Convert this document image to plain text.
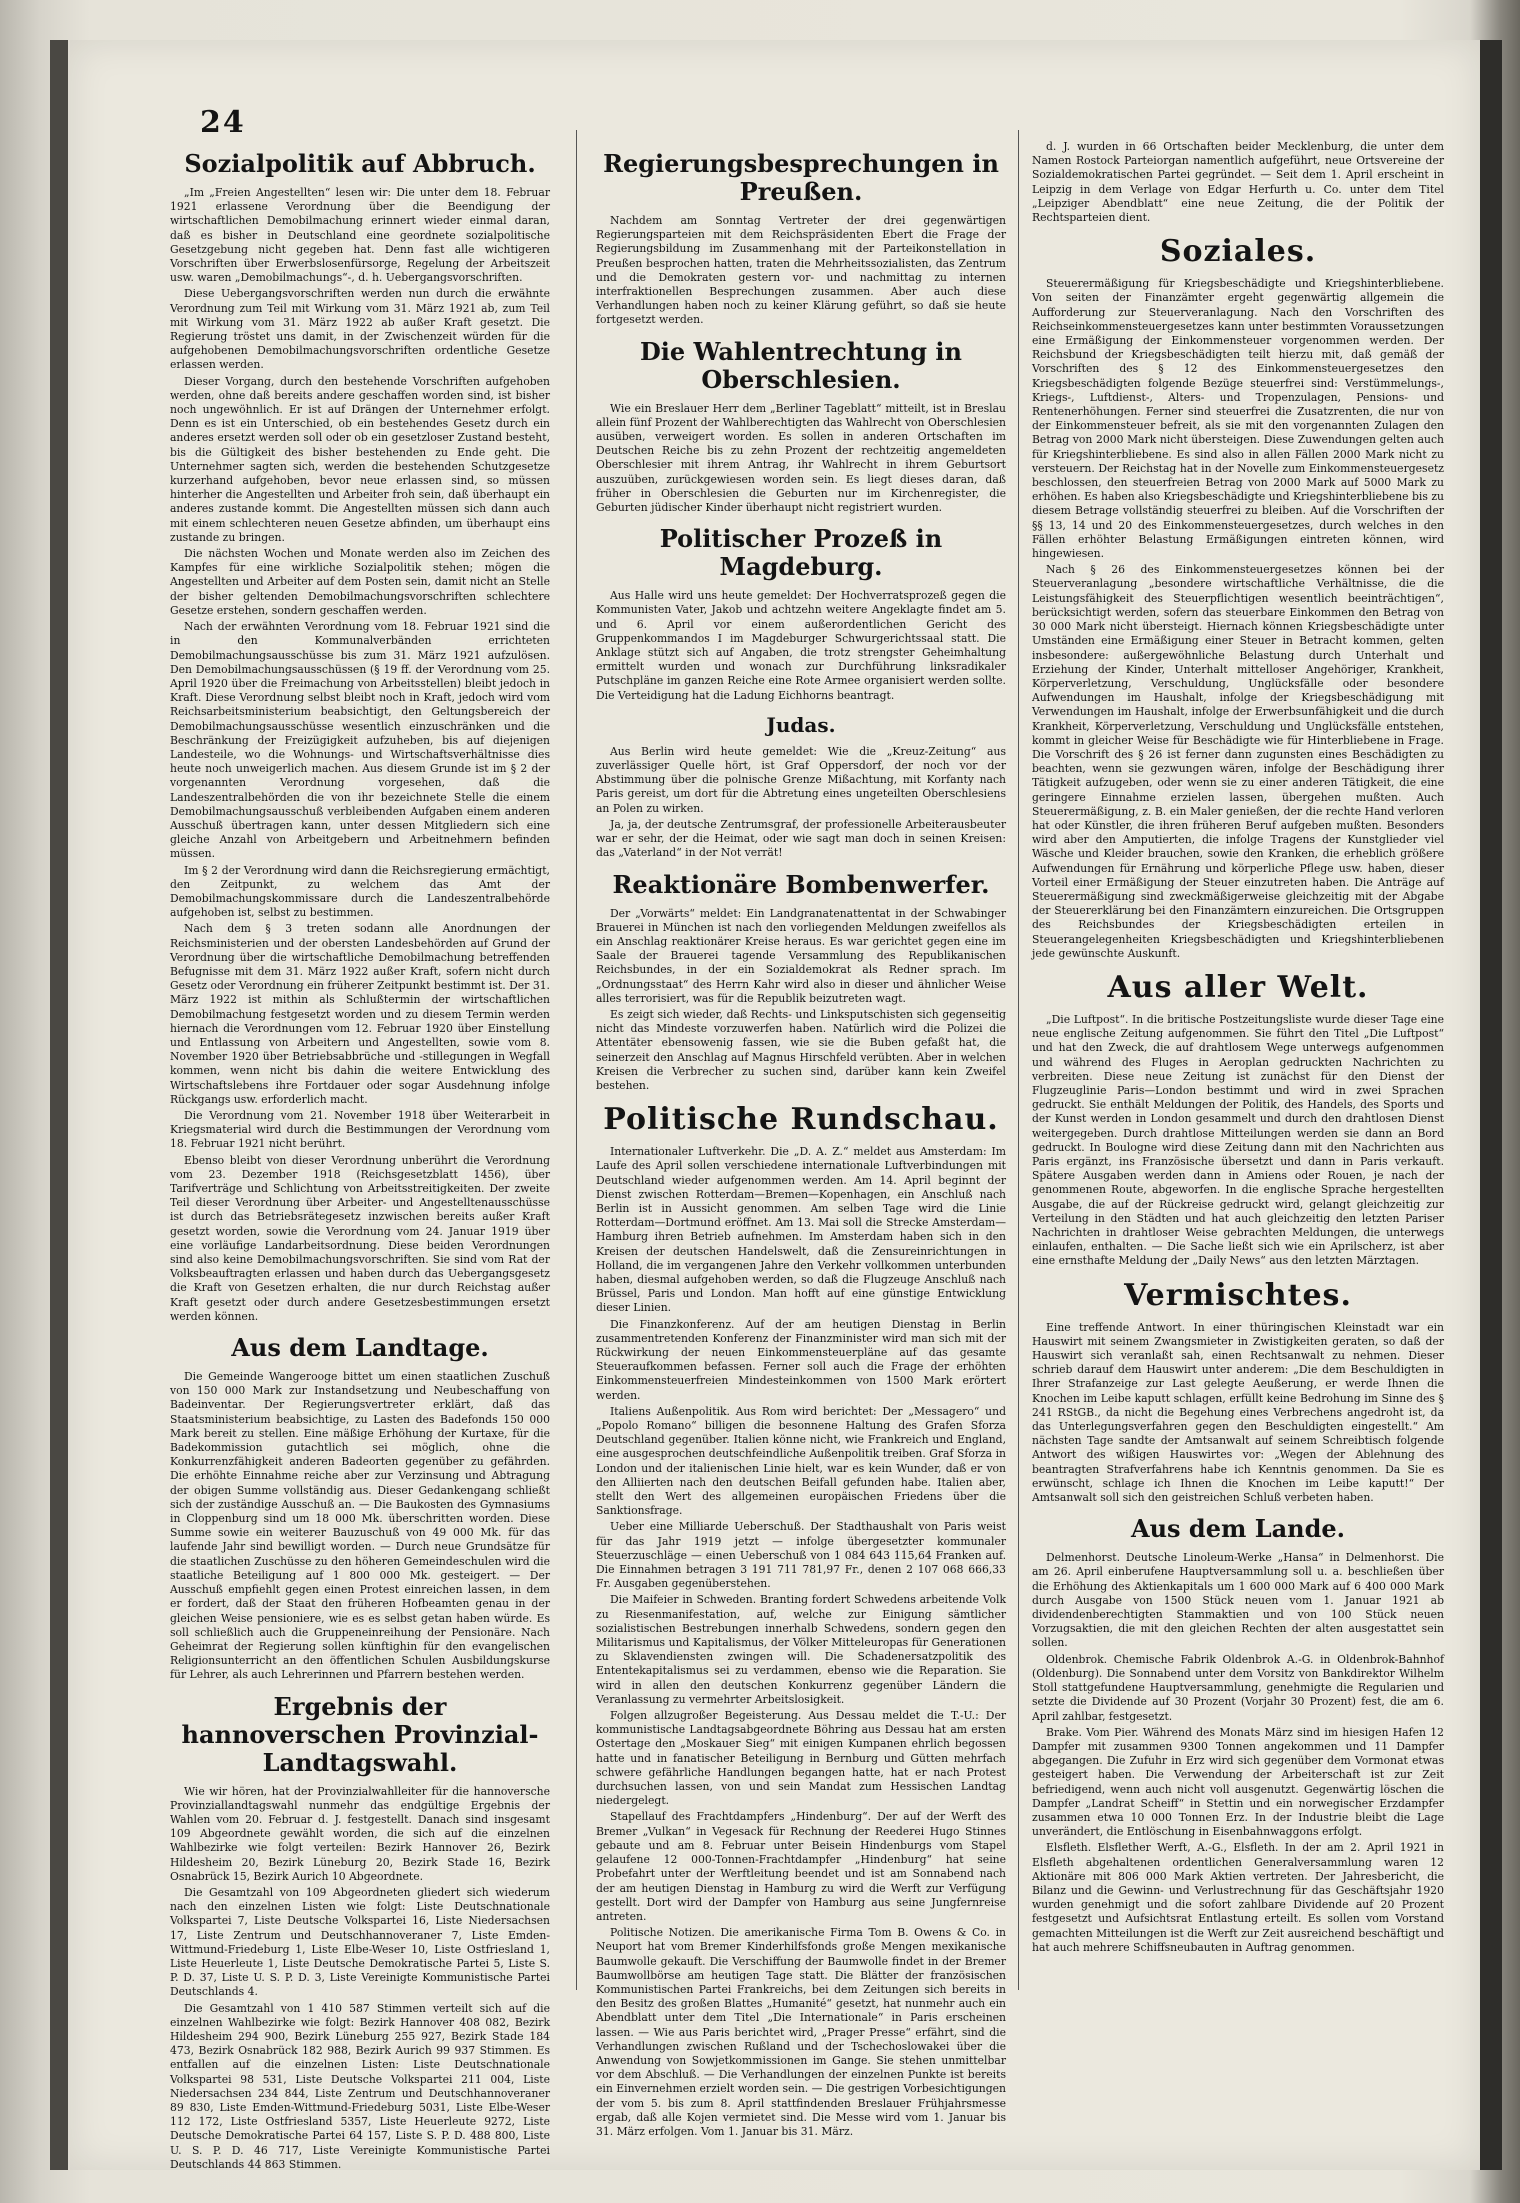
24
Sozialpolitik auf Abbruch.

„Im „Freien Angestellten“ lesen wir: Die unter dem 18. Februar 1921 erlassene Verordnung über die Beendigung der wirtschaftlichen Demobilmachung erinnert wieder einmal daran, daß es bisher in Deutschland eine geordnete sozialpolitische Gesetzgebung nicht gegeben hat. Denn fast alle wichtigeren Vorschriften über Erwerbslosenfürsorge, Regelung der Arbeitszeit usw. waren „Demobilmachungs“-, d. h. Uebergangsvorschriften.

Diese Uebergangsvorschriften werden nun durch die erwähnte Verordnung zum Teil mit Wirkung vom 31. März 1921 ab, zum Teil mit Wirkung vom 31. März 1922 ab außer Kraft gesetzt. Die Regierung tröstet uns damit, in der Zwischenzeit würden für die aufgehobenen Demobilmachungsvorschriften ordentliche Gesetze erlassen werden.

Dieser Vorgang, durch den bestehende Vorschriften aufgehoben werden, ohne daß bereits andere geschaffen worden sind, ist bisher noch ungewöhnlich. Er ist auf Drängen der Unternehmer erfolgt. Denn es ist ein Unterschied, ob ein bestehendes Gesetz durch ein anderes ersetzt werden soll oder ob ein gesetzloser Zustand besteht, bis die Gültigkeit des bisher bestehenden zu Ende geht. Die Unternehmer sagten sich, werden die bestehenden Schutzgesetze kurzerhand aufgehoben, bevor neue erlassen sind, so müssen hinterher die Angestellten und Arbeiter froh sein, daß überhaupt ein anderes zustande kommt. Die Angestellten müssen sich dann auch mit einem schlechteren neuen Gesetze abfinden, um überhaupt eins zustande zu bringen.

Die nächsten Wochen und Monate werden also im Zeichen des Kampfes für eine wirkliche Sozialpolitik stehen; mögen die Angestellten und Arbeiter auf dem Posten sein, damit nicht an Stelle der bisher geltenden Demobilmachungsvorschriften schlechtere Gesetze erstehen, sondern geschaffen werden.

Nach der erwähnten Verordnung vom 18. Februar 1921 sind die in den Kommunalverbänden errichteten Demobilmachungsausschüsse bis zum 31. März 1921 aufzulösen. Den Demobilmachungsausschüssen (§ 19 ff. der Verordnung vom 25. April 1920 über die Freimachung von Arbeitsstellen) bleibt jedoch in Kraft. Diese Verordnung selbst bleibt noch in Kraft, jedoch wird vom Reichsarbeitsministerium beabsichtigt, den Geltungsbereich der Demobilmachungsausschüsse wesentlich einzuschränken und die Beschränkung der Freizügigkeit aufzuheben, bis auf diejenigen Landesteile, wo die Wohnungs- und Wirtschaftsverhältnisse dies heute noch unweigerlich machen. Aus diesem Grunde ist im § 2 der vorgenannten Verordnung vorgesehen, daß die Landeszentralbehörden die von ihr bezeichnete Stelle die einem Demobilmachungsausschuß verbleibenden Aufgaben einem anderen Ausschuß übertragen kann, unter dessen Mitgliedern sich eine gleiche Anzahl von Arbeitgebern und Arbeitnehmern befinden müssen.

Im § 2 der Verordnung wird dann die Reichsregierung ermächtigt, den Zeitpunkt, zu welchem das Amt der Demobilmachungskommissare durch die Landeszentralbehörde aufgehoben ist, selbst zu bestimmen.

Nach dem § 3 treten sodann alle Anordnungen der Reichsministerien und der obersten Landesbehörden auf Grund der Verordnung über die wirtschaftliche Demobilmachung betreffenden Befugnisse mit dem 31. März 1922 außer Kraft, sofern nicht durch Gesetz oder Verordnung ein früherer Zeitpunkt bestimmt ist. Der 31. März 1922 ist mithin als Schlußtermin der wirtschaftlichen Demobilmachung festgesetzt worden und zu diesem Termin werden hiernach die Verordnungen vom 12. Februar 1920 über Einstellung und Entlassung von Arbeitern und Angestellten, sowie vom 8. November 1920 über Betriebsabbrüche und -stillegungen in Wegfall kommen, wenn nicht bis dahin die weitere Entwicklung des Wirtschaftslebens ihre Fortdauer oder sogar Ausdehnung infolge Rückgangs usw. erforderlich macht.

Die Verordnung vom 21. November 1918 über Weiterarbeit in Kriegsmaterial wird durch die Bestimmungen der Verordnung vom 18. Februar 1921 nicht berührt.

Ebenso bleibt von dieser Verordnung unberührt die Verordnung vom 23. Dezember 1918 (Reichsgesetzblatt 1456), über Tarifverträge und Schlichtung von Arbeitsstreitigkeiten. Der zweite Teil dieser Verordnung über Arbeiter- und Angestelltenausschüsse ist durch das Betriebsrätegesetz inzwischen bereits außer Kraft gesetzt worden, sowie die Verordnung vom 24. Januar 1919 über eine vorläufige Landarbeitsordnung. Diese beiden Verordnungen sind also keine Demobilmachungsvorschriften. Sie sind vom Rat der Volksbeauftragten erlassen und haben durch das Uebergangsgesetz die Kraft von Gesetzen erhalten, die nur durch Reichstag außer Kraft gesetzt oder durch andere Gesetzesbestimmungen ersetzt werden können.

Aus dem Landtage.

Die Gemeinde Wangerooge bittet um einen staatlichen Zuschuß von 150 000 Mark zur Instandsetzung und Neubeschaffung von Badeinventar. Der Regierungsvertreter erklärt, daß das Staatsministerium beabsichtige, zu Lasten des Badefonds 150 000 Mark bereit zu stellen. Eine mäßige Erhöhung der Kurtaxe, für die Badekommission gutachtlich sei möglich, ohne die Konkurrenzfähigkeit anderen Badeorten gegenüber zu gefährden. Die erhöhte Einnahme reiche aber zur Verzinsung und Abtragung der obigen Summe vollständig aus. Dieser Gedankengang schließt sich der zuständige Ausschuß an. — Die Baukosten des Gymnasiums in Cloppenburg sind um 18 000 Mk. überschritten worden. Diese Summe sowie ein weiterer Bauzuschuß von 49 000 Mk. für das laufende Jahr sind bewilligt worden. — Durch neue Grundsätze für die staatlichen Zuschüsse zu den höheren Gemeindeschulen wird die staatliche Beteiligung auf 1 800 000 Mk. gesteigert. — Der Ausschuß empfiehlt gegen einen Protest einreichen lassen, in dem er fordert, daß der Staat den früheren Hofbeamten genau in der gleichen Weise pensioniere, wie es es selbst getan haben würde. Es soll schließlich auch die Gruppeneinreihung der Pensionäre. Nach Geheimrat der Regierung sollen künftighin für den evangelischen Religionsunterricht an den öffentlichen Schulen Ausbildungskurse für Lehrer, als auch Lehrerinnen und Pfarrern bestehen werden.

Ergebnis der hannoverschen Provinzial-Landtagswahl.

Wie wir hören, hat der Provinzialwahlleiter für die hannoversche Provinziallandtagswahl nunmehr das endgültige Ergebnis der Wahlen vom 20. Februar d. J. festgestellt. Danach sind insgesamt 109 Abgeordnete gewählt worden, die sich auf die einzelnen Wahlbezirke wie folgt verteilen: Bezirk Hannover 26, Bezirk Hildesheim 20, Bezirk Lüneburg 20, Bezirk Stade 16, Bezirk Osnabrück 15, Bezirk Aurich 10 Abgeordnete.

Die Gesamtzahl von 109 Abgeordneten gliedert sich wiederum nach den einzelnen Listen wie folgt: Liste Deutschnationale Volkspartei 7, Liste Deutsche Volkspartei 16, Liste Niedersachsen 17, Liste Zentrum und Deutschhannoveraner 7, Liste Emden-Wittmund-Friedeburg 1, Liste Elbe-Weser 10, Liste Ostfriesland 1, Liste Heuerleute 1, Liste Deutsche Demokratische Partei 5, Liste S. P. D. 37, Liste U. S. P. D. 3, Liste Vereinigte Kommunistische Partei Deutschlands 4.

Die Gesamtzahl von 1 410 587 Stimmen verteilt sich auf die einzelnen Wahlbezirke wie folgt: Bezirk Hannover 408 082, Bezirk Hildesheim 294 900, Bezirk Lüneburg 255 927, Bezirk Stade 184 473, Bezirk Osnabrück 182 988, Bezirk Aurich 99 937 Stimmen. Es entfallen auf die einzelnen Listen: Liste Deutschnationale Volkspartei 98 531, Liste Deutsche Volkspartei 211 004, Liste Niedersachsen 234 844, Liste Zentrum und Deutschhannoveraner 89 830, Liste Emden-Wittmund-Friedeburg 5031, Liste Elbe-Weser 112 172, Liste Ostfriesland 5357, Liste Heuerleute 9272, Liste Deutsche Demokratische Partei 64 157, Liste S. P. D. 488 800, Liste U. S. P. D. 46 717, Liste Vereinigte Kommunistische Partei Deutschlands 44 863 Stimmen.

Regierungsbesprechungen in Preußen.

Nachdem am Sonntag Vertreter der drei gegenwärtigen Regierungsparteien mit dem Reichspräsidenten Ebert die Frage der Regierungsbildung im Zusammenhang mit der Parteikonstellation in Preußen besprochen hatten, traten die Mehrheitssozialisten, das Zentrum und die Demokraten gestern vor- und nachmittag zu internen interfraktionellen Besprechungen zusammen. Aber auch diese Verhandlungen haben noch zu keiner Klärung geführt, so daß sie heute fortgesetzt werden.

Die Wahlentrechtung in Oberschlesien.

Wie ein Breslauer Herr dem „Berliner Tageblatt“ mitteilt, ist in Breslau allein fünf Prozent der Wahlberechtigten das Wahlrecht von Oberschlesien ausüben, verweigert worden. Es sollen in anderen Ortschaften im Deutschen Reiche bis zu zehn Prozent der rechtzeitig angemeldeten Oberschlesier mit ihrem Antrag, ihr Wahlrecht in ihrem Geburtsort auszuüben, zurückgewiesen worden sein. Es liegt dieses daran, daß früher in Oberschlesien die Geburten nur im Kirchenregister, die Geburten jüdischer Kinder überhaupt nicht registriert wurden.

Politischer Prozeß in Magdeburg.

Aus Halle wird uns heute gemeldet: Der Hochverratsprozeß gegen die Kommunisten Vater, Jakob und achtzehn weitere Angeklagte findet am 5. und 6. April vor einem außerordentlichen Gericht des Gruppenkommandos I im Magdeburger Schwurgerichtssaal statt. Die Anklage stützt sich auf Angaben, die trotz strengster Geheimhaltung ermittelt wurden und wonach zur Durchführung linksradikaler Putschpläne im ganzen Reiche eine Rote Armee organisiert werden sollte. Die Verteidigung hat die Ladung Eichhorns beantragt.

Judas.

Aus Berlin wird heute gemeldet: Wie die „Kreuz-Zeitung“ aus zuverlässiger Quelle hört, ist Graf Oppersdorf, der noch vor der Abstimmung über die polnische Grenze Mißachtung, mit Korfanty nach Paris gereist, um dort für die Abtretung eines ungeteilten Oberschlesiens an Polen zu wirken.

Ja, ja, der deutsche Zentrumsgraf, der professionelle Arbeiterausbeuter war er sehr, der die Heimat, oder wie sagt man doch in seinen Kreisen: das „Vaterland“ in der Not verrät!

Reaktionäre Bombenwerfer.

Der „Vorwärts“ meldet: Ein Landgranatenattentat in der Schwabinger Brauerei in München ist nach den vorliegenden Meldungen zweifellos als ein Anschlag reaktionärer Kreise heraus. Es war gerichtet gegen eine im Saale der Brauerei tagende Versammlung des Republikanischen Reichsbundes, in der ein Sozialdemokrat als Redner sprach. Im „Ordnungsstaat“ des Herrn Kahr wird also in dieser und ähnlicher Weise alles terrorisiert, was für die Republik beizutreten wagt.

Es zeigt sich wieder, daß Rechts- und Linksputschisten sich gegenseitig nicht das Mindeste vorzuwerfen haben. Natürlich wird die Polizei die Attentäter ebensowenig fassen, wie sie die Buben gefaßt hat, die seinerzeit den Anschlag auf Magnus Hirschfeld verübten. Aber in welchen Kreisen die Verbrecher zu suchen sind, darüber kann kein Zweifel bestehen.

Politische Rundschau.

Internationaler Luftverkehr. Die „D. A. Z.“ meldet aus Amsterdam: Im Laufe des April sollen verschiedene internationale Luftverbindungen mit Deutschland wieder aufgenommen werden. Am 14. April beginnt der Dienst zwischen Rotterdam—Bremen—Kopenhagen, ein Anschluß nach Berlin ist in Aussicht genommen. Am selben Tage wird die Linie Rotterdam—Dortmund eröffnet. Am 13. Mai soll die Strecke Amsterdam—Hamburg ihren Betrieb aufnehmen. Im Amsterdam haben sich in den Kreisen der deutschen Handelswelt, daß die Zensureinrichtungen in Holland, die im vergangenen Jahre den Verkehr vollkommen unterbunden haben, diesmal aufgehoben werden, so daß die Flugzeuge Anschluß nach Brüssel, Paris und London. Man hofft auf eine günstige Entwicklung dieser Linien.

Die Finanzkonferenz. Auf der am heutigen Dienstag in Berlin zusammentretenden Konferenz der Finanzminister wird man sich mit der Rückwirkung der neuen Einkommensteuerpläne auf das gesamte Steueraufkommen befassen. Ferner soll auch die Frage der erhöhten Einkommensteuerfreien Mindesteinkommen von 1500 Mark erörtert werden.

Italiens Außenpolitik. Aus Rom wird berichtet: Der „Messagero“ und „Popolo Romano“ billigen die besonnene Haltung des Grafen Sforza Deutschland gegenüber. Italien könne nicht, wie Frankreich und England, eine ausgesprochen deutschfeindliche Außenpolitik treiben. Graf Sforza in London und der italienischen Linie hielt, war es kein Wunder, daß er von den Alliierten nach den deutschen Beifall gefunden habe. Italien aber, stellt den Wert des allgemeinen europäischen Friedens über die Sanktionsfrage.

Ueber eine Milliarde Ueberschuß. Der Stadthaushalt von Paris weist für das Jahr 1919 jetzt — infolge übergesetzter kommunaler Steuerzuschläge — einen Ueberschuß von 1 084 643 115,64 Franken auf. Die Einnahmen betragen 3 191 711 781,97 Fr., denen 2 107 068 666,33 Fr. Ausgaben gegenüberstehen.

Die Maifeier in Schweden. Branting fordert Schwedens arbeitende Volk zu Riesenmanifestation, auf, welche zur Einigung sämtlicher sozialistischen Bestrebungen innerhalb Schwedens, sondern gegen den Militarismus und Kapitalismus, der Völker Mitteleuropas für Generationen zu Sklavendiensten zwingen will. Die Schadenersatzpolitik des Ententekapitalismus sei zu verdammen, ebenso wie die Reparation. Sie wird in allen den deutschen Konkurrenz gegenüber Ländern die Veranlassung zu vermehrter Arbeitslosigkeit.

Folgen allzugroßer Begeisterung. Aus Dessau meldet die T.-U.: Der kommunistische Landtagsabgeordnete Böhring aus Dessau hat am ersten Ostertage den „Moskauer Sieg“ mit einigen Kumpanen ehrlich begossen hatte und in fanatischer Beteiligung in Bernburg und Gütten mehrfach schwere gefährliche Handlungen begangen hatte, hat er nach Protest durchsuchen lassen, von und sein Mandat zum Hessischen Landtag niedergelegt.

Stapellauf des Frachtdampfers „Hindenburg“. Der auf der Werft des Bremer „Vulkan“ in Vegesack für Rechnung der Reederei Hugo Stinnes gebaute und am 8. Februar unter Beisein Hindenburgs vom Stapel gelaufene 12 000-Tonnen-Frachtdampfer „Hindenburg“ hat seine Probefahrt unter der Werftleitung beendet und ist am Sonnabend nach der am heutigen Dienstag in Hamburg zu wird die Werft zur Verfügung gestellt. Dort wird der Dampfer von Hamburg aus seine Jungfernreise antreten.

Politische Notizen. Die amerikanische Firma Tom B. Owens & Co. in Neuport hat vom Bremer Kinderhilfsfonds große Mengen mexikanische Baumwolle gekauft. Die Verschiffung der Baumwolle findet in der Bremer Baumwollbörse am heutigen Tage statt. Die Blätter der französischen Kommunistischen Partei Frankreichs, bei dem Zeitungen sich bereits in den Besitz des großen Blattes „Humanité“ gesetzt, hat nunmehr auch ein Abendblatt unter dem Titel „Die Internationale“ in Paris erscheinen lassen. — Wie aus Paris berichtet wird, „Prager Presse“ erfährt, sind die Verhandlungen zwischen Rußland und der Tschechoslowakei über die Anwendung von Sowjetkommissionen im Gange. Sie stehen unmittelbar vor dem Abschluß. — Die Verhandlungen der einzelnen Punkte ist bereits ein Einvernehmen erzielt worden sein. — Die gestrigen Vorbesichtigungen der vom 5. bis zum 8. April stattfindenden Breslauer Frühjahrsmesse ergab, daß alle Kojen vermietet sind. Die Messe wird vom 1. Januar bis 31. März erfolgen. Vom 1. Januar bis 31. März.

d. J. wurden in 66 Ortschaften beider Mecklenburg, die unter dem Namen Rostock Parteiorgan namentlich aufgeführt, neue Ortsvereine der Sozialdemokratischen Partei gegründet. — Seit dem 1. April erscheint in Leipzig in dem Verlage von Edgar Herfurth u. Co. unter dem Titel „Leipziger Abendblatt“ eine neue Zeitung, die der Politik der Rechtsparteien dient.

Soziales.

Steuerermäßigung für Kriegsbeschädigte und Kriegshinterbliebene. Von seiten der Finanzämter ergeht gegenwärtig allgemein die Aufforderung zur Steuerveranlagung. Nach den Vorschriften des Reichseinkommensteuergesetzes kann unter bestimmten Voraussetzungen eine Ermäßigung der Einkommensteuer vorgenommen werden. Der Reichsbund der Kriegsbeschädigten teilt hierzu mit, daß gemäß der Vorschriften des § 12 des Einkommensteuergesetzes den Kriegsbeschädigten folgende Bezüge steuerfrei sind: Verstümmelungs-, Kriegs-, Luftdienst-, Alters- und Tropenzulagen, Pensions- und Rentenerhöhungen. Ferner sind steuerfrei die Zusatzrenten, die nur von der Einkommensteuer befreit, als sie mit den vorgenannten Zulagen den Betrag von 2000 Mark nicht übersteigen. Diese Zuwendungen gelten auch für Kriegshinterbliebene. Es sind also in allen Fällen 2000 Mark nicht zu versteuern. Der Reichstag hat in der Novelle zum Einkommensteuergesetz beschlossen, den steuerfreien Betrag von 2000 Mark auf 5000 Mark zu erhöhen. Es haben also Kriegsbeschädigte und Kriegshinterbliebene bis zu diesem Betrage vollständig steuerfrei zu bleiben. Auf die Vorschriften der §§ 13, 14 und 20 des Einkommensteuergesetzes, durch welches in den Fällen erhöhter Belastung Ermäßigungen eintreten können, wird hingewiesen.

Nach § 26 des Einkommensteuergesetzes können bei der Steuerveranlagung „besondere wirtschaftliche Verhältnisse, die die Leistungsfähigkeit des Steuerpflichtigen wesentlich beeinträchtigen“, berücksichtigt werden, sofern das steuerbare Einkommen den Betrag von 30 000 Mark nicht übersteigt. Hiernach können Kriegsbeschädigte unter Umständen eine Ermäßigung einer Steuer in Betracht kommen, gelten insbesondere: außergewöhnliche Belastung durch Unterhalt und Erziehung der Kinder, Unterhalt mittelloser Angehöriger, Krankheit, Körperverletzung, Verschuldung, Unglücksfälle oder besondere Aufwendungen im Haushalt, infolge der Kriegsbeschädigung mit Verwendungen im Haushalt, infolge der Erwerbsunfähigkeit und die durch Krankheit, Körperverletzung, Verschuldung und Unglücksfälle entstehen, kommt in gleicher Weise für Beschädigte wie für Hinterbliebene in Frage. Die Vorschrift des § 26 ist ferner dann zugunsten eines Beschädigten zu beachten, wenn sie gezwungen wären, infolge der Beschädigung ihrer Tätigkeit aufzugeben, oder wenn sie zu einer anderen Tätigkeit, die eine geringere Einnahme erzielen lassen, übergehen mußten. Auch Steuerermäßigung, z. B. ein Maler genießen, der die rechte Hand verloren hat oder Künstler, die ihren früheren Beruf aufgeben mußten. Besonders wird aber den Amputierten, die infolge Tragens der Kunstglieder viel Wäsche und Kleider brauchen, sowie den Kranken, die erheblich größere Aufwendungen für Ernährung und körperliche Pflege usw. haben, dieser Vorteil einer Ermäßigung der Steuer einzutreten haben. Die Anträge auf Steuerermäßigung sind zweckmäßigerweise gleichzeitig mit der Abgabe der Steuererklärung bei den Finanzämtern einzureichen. Die Ortsgruppen des Reichsbundes der Kriegsbeschädigten erteilen in Steuerangelegenheiten Kriegsbeschädigten und Kriegshinterbliebenen jede gewünschte Auskunft.

Aus aller Welt.

„Die Luftpost“. In die britische Postzeitungsliste wurde dieser Tage eine neue englische Zeitung aufgenommen. Sie führt den Titel „Die Luftpost“ und hat den Zweck, die auf drahtlosem Wege unterwegs aufgenommen und während des Fluges in Aeroplan gedruckten Nachrichten zu verbreiten. Diese neue Zeitung ist zunächst für den Dienst der Flugzeuglinie Paris—London bestimmt und wird in zwei Sprachen gedruckt. Sie enthält Meldungen der Politik, des Handels, des Sports und der Kunst werden in London gesammelt und durch den drahtlosen Dienst weitergegeben. Durch drahtlose Mitteilungen werden sie dann an Bord gedruckt. In Boulogne wird diese Zeitung dann mit den Nachrichten aus Paris ergänzt, ins Französische übersetzt und dann in Paris verkauft. Spätere Ausgaben werden dann in Amiens oder Rouen, je nach der genommenen Route, abgeworfen. In die englische Sprache hergestellten Ausgabe, die auf der Rückreise gedruckt wird, gelangt gleichzeitig zur Verteilung in den Städten und hat auch gleichzeitig den letzten Pariser Nachrichten in drahtloser Weise gebrachten Meldungen, die unterwegs einlaufen, enthalten. — Die Sache ließt sich wie ein Aprilscherz, ist aber eine ernsthafte Meldung der „Daily News“ aus den letzten Märztagen.

Vermischtes.

Eine treffende Antwort. In einer thüringischen Kleinstadt war ein Hauswirt mit seinem Zwangsmieter in Zwistigkeiten geraten, so daß der Hauswirt sich veranlaßt sah, einen Rechtsanwalt zu nehmen. Dieser schrieb darauf dem Hauswirt unter anderem: „Die dem Beschuldigten in Ihrer Strafanzeige zur Last gelegte Aeußerung, er werde Ihnen die Knochen im Leibe kaputt schlagen, erfüllt keine Bedrohung im Sinne des § 241 RStGB., da nicht die Begehung eines Verbrechens angedroht ist, da das Unterlegungsverfahren gegen den Beschuldigten eingestellt.“ Am nächsten Tage sandte der Amtsanwalt auf seinem Schreibtisch folgende Antwort des wißigen Hauswirtes vor: „Wegen der Ablehnung des beantragten Strafverfahrens habe ich Kenntnis genommen. Da Sie es erwünscht, schlage ich Ihnen die Knochen im Leibe kaputt!“ Der Amtsanwalt soll sich den geistreichen Schluß verbeten haben.

Aus dem Lande.

Delmenhorst. Deutsche Linoleum-Werke „Hansa“ in Delmenhorst. Die am 26. April einberufene Hauptversammlung soll u. a. beschließen über die Erhöhung des Aktienkapitals um 1 600 000 Mark auf 6 400 000 Mark durch Ausgabe von 1500 Stück neuen vom 1. Januar 1921 ab dividendenberechtigten Stammaktien und von 100 Stück neuen Vorzugsaktien, die mit den gleichen Rechten der alten ausgestattet sein sollen.

Oldenbrok. Chemische Fabrik Oldenbrok A.-G. in Oldenbrok-Bahnhof (Oldenburg). Die Sonnabend unter dem Vorsitz von Bankdirektor Wilhelm Stoll stattgefundene Hauptversammlung, genehmigte die Regularien und setzte die Dividende auf 30 Prozent (Vorjahr 30 Prozent) fest, die am 6. April zahlbar, festgesetzt.

Brake. Vom Pier. Während des Monats März sind im hiesigen Hafen 12 Dampfer mit zusammen 9300 Tonnen angekommen und 11 Dampfer abgegangen. Die Zufuhr in Erz wird sich gegenüber dem Vormonat etwas gesteigert haben. Die Verwendung der Arbeiterschaft ist zur Zeit befriedigend, wenn auch nicht voll ausgenutzt. Gegenwärtig löschen die Dampfer „Landrat Scheiff“ in Stettin und ein norwegischer Erzdampfer zusammen etwa 10 000 Tonnen Erz. In der Industrie bleibt die Lage unverändert, die Entlöschung in Eisenbahnwaggons erfolgt.

Elsfleth. Elsflether Werft, A.-G., Elsfleth. In der am 2. April 1921 in Elsfleth abgehaltenen ordentlichen Generalversammlung waren 12 Aktionäre mit 806 000 Mark Aktien vertreten. Der Jahresbericht, die Bilanz und die Gewinn- und Verlustrechnung für das Geschäftsjahr 1920 wurden genehmigt und die sofort zahlbare Dividende auf 20 Prozent festgesetzt und Aufsichtsrat Entlastung erteilt. Es sollen vom Vorstand gemachten Mitteilungen ist die Werft zur Zeit ausreichend beschäftigt und hat auch mehrere Schiffsneubauten in Auftrag genommen.
